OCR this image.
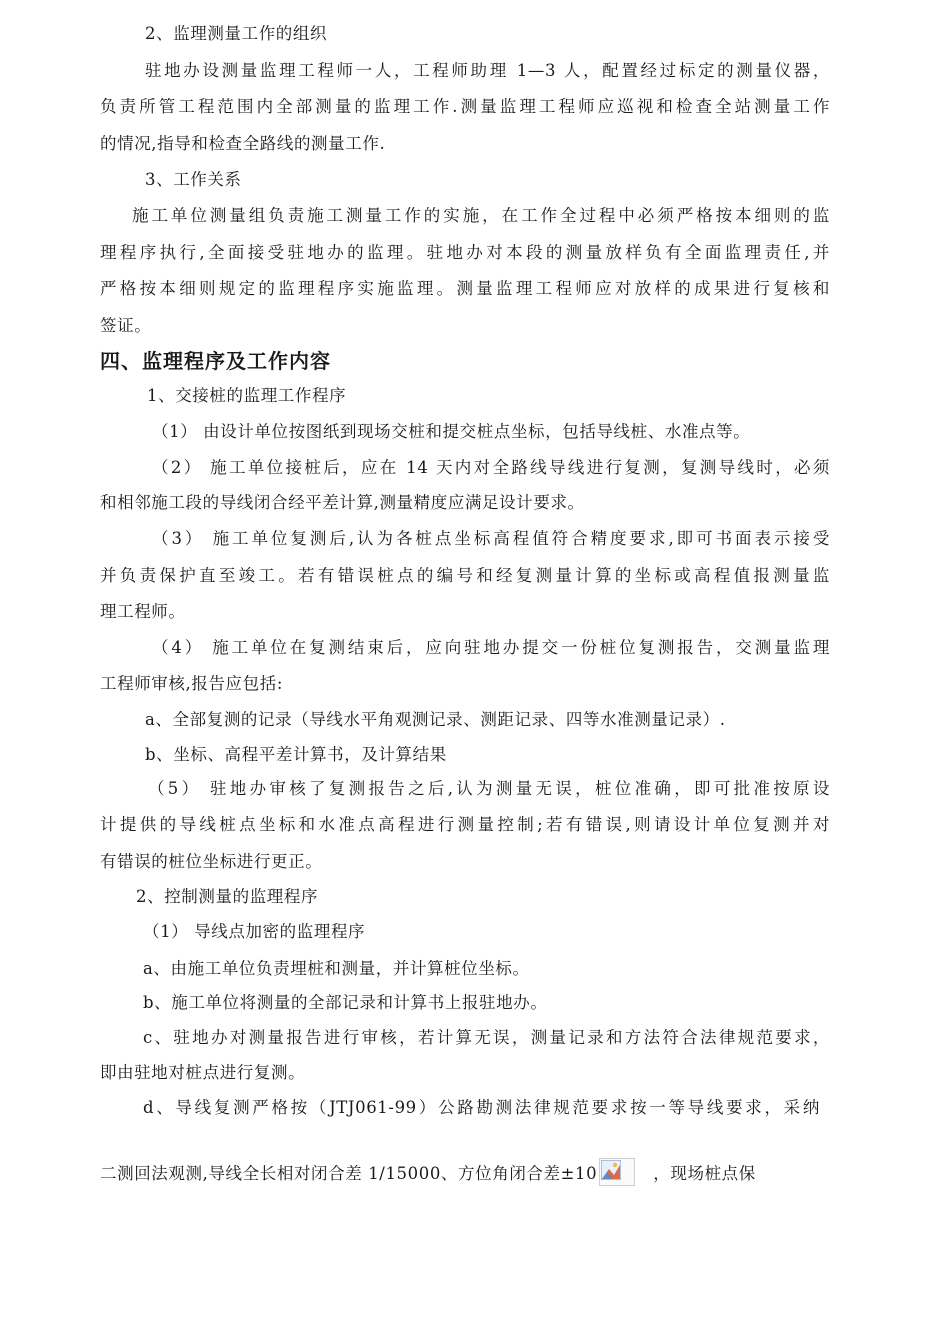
2、监理测量工作的组织
驻地办设测量监理工程师一人，工程师助理 1—3 人，配置经过标定的测量仪器，
负责所管工程范围内全部测量的监理工作.测量监理工程师应巡视和检查全站测量工作
的情况,指导和检查全路线的测量工作.
3、工作关系
施工单位测量组负责施工测量工作的实施，在工作全过程中必须严格按本细则的监
理程序执行,全面接受驻地办的监理。驻地办对本段的测量放样负有全面监理责任,并
严格按本细则规定的监理程序实施监理。测量监理工程师应对放样的成果进行复核和
签证。
四、监理程序及工作内容
1、交接桩的监理工作程序
（1） 由设计单位按图纸到现场交桩和提交桩点坐标，包括导线桩、水准点等。
（2） 施工单位接桩后，应在 14 天内对全路线导线进行复测，复测导线时，必须
和相邻施工段的导线闭合经平差计算,测量精度应满足设计要求。
（3） 施工单位复测后,认为各桩点坐标高程值符合精度要求,即可书面表示接受
并负责保护直至竣工。若有错误桩点的编号和经复测量计算的坐标或高程值报测量监
理工程师。
（4） 施工单位在复测结束后，应向驻地办提交一份桩位复测报告，交测量监理
工程师审核,报告应包括:
a、全部复测的记录（导线水平角观测记录、测距记录、四等水准测量记录）.
b、坐标、高程平差计算书，及计算结果
（5） 驻地办审核了复测报告之后,认为测量无误，桩位准确，即可批准按原设
计提供的导线桩点坐标和水准点高程进行测量控制;若有错误,则请设计单位复测并对
有错误的桩位坐标进行更正。
2、控制测量的监理程序
（1） 导线点加密的监理程序
a、由施工单位负责埋桩和测量，并计算桩位坐标。
b、施工单位将测量的全部记录和计算书上报驻地办。
c、驻地办对测量报告进行审核，若计算无误，测量记录和方法符合法律规范要求，
即由驻地对桩点进行复测。
d、导线复测严格按（JTJ061-99）公路勘测法律规范要求按一等导线要求，采纳
二测回法观测,导线全长相对闭合差 1/15000、方位角闭合差±10	，现场桩点保
